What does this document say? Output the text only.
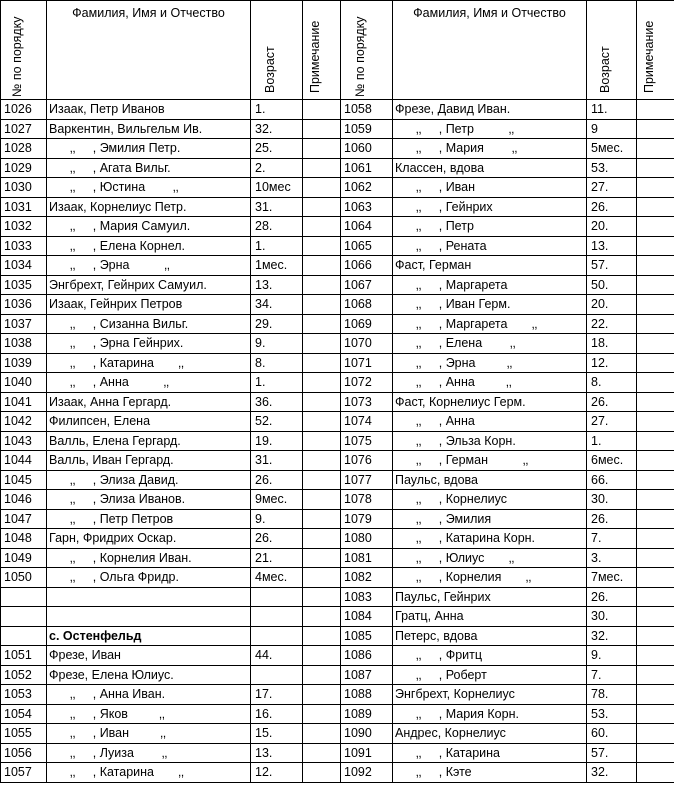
№ по порядку	Фамилия, Имя и Отчество	Возраст	Примечание	№ по порядку	Фамилия, Имя и Отчество	Возраст	Примечание

1026	Изаак, Петр Иванов	1.		1058	Фрезе, Давид Иван.	11.	
1027	Варкентин, Вильгельм Ив.	32.		1059	‚‚     , Петр          ‚‚	9	
1028	‚‚     , Эмилия Петр.	25.		1060	‚‚     , Мария        ‚‚	5мес.	
1029	‚‚     , Агата Вильг.	2.		1061	Классен, вдова	53.	
1030	‚‚     , Юстина        ‚‚	10мес		1062	‚‚     , Иван	27.	
1031	Изаак, Корнелиус Петр.	31.		1063	‚‚     , Гейнрих	26.	
1032	‚‚     , Мария Самуил.	28.		1064	‚‚     , Петр	20.	
1033	‚‚     , Елена Корнел.	1.		1065	‚‚     , Рената	13.	
1034	‚‚     , Эрна          ‚‚	1мес.		1066	Фаст, Герман	57.	
1035	Энгбрехт, Гейнрих Самуил.	13.		1067	‚‚     , Маргарета	50.	
1036	Изаак, Гейнрих Петров	34.		1068	‚‚     , Иван Герм.	20.	
1037	‚‚     , Сизанна Вильг.	29.		1069	‚‚     , Маргарета       ‚‚	22.	
1038	‚‚     , Эрна Гейнрих.	9.		1070	‚‚     , Елена        ‚‚	18.	
1039	‚‚     , Катарина       ‚‚	8.		1071	‚‚     , Эрна         ‚‚	12.	
1040	‚‚     , Анна          ‚‚	1.		1072	‚‚     , Анна         ‚‚	8.	
1041	Изаак, Анна Гергард.	36.		1073	Фаст, Корнелиус Герм.	26.	
1042	Филипсен, Елена	52.		1074	‚‚     , Анна	27.	
1043	Валль, Елена Гергард.	19.		1075	‚‚     , Эльза Корн.	1.	
1044	Валль, Иван Гергард.	31.		1076	‚‚     , Герман          ‚‚	6мес.	
1045	‚‚     , Элиза Давид.	26.		1077	Паульс, вдова	66.	
1046	‚‚     , Элиза Иванов.	9мес.		1078	‚‚     , Корнелиус	30.	
1047	‚‚     , Петр Петров	9.		1079	‚‚     , Эмилия	26.	
1048	Гарн, Фридрих Оскар.	26.		1080	‚‚     , Катарина Корн.	7.	
1049	‚‚     , Корнелия Иван.	21.		1081	‚‚     , Юлиус       ‚‚	3.	
1050	‚‚     , Ольга Фридр.	4мес.		1082	‚‚     , Корнелия       ‚‚	7мес.	
				1083	Паульс, Гейнрих	26.	
				1084	Гратц, Анна	30.	
	с. Остенфельд			1085	Петерс, вдова	32.	
1051	Фрезе, Иван	44.		1086	‚‚     , Фритц	9.	
1052	Фрезе, Елена Юлиус.			1087	‚‚     , Роберт	7.	
1053	‚‚     , Анна Иван.	17.		1088	Энгбрехт, Корнелиус	78.	
1054	‚‚     , Яков         ‚‚	16.		1089	‚‚     , Мария Корн.	53.	
1055	‚‚     , Иван         ‚‚	15.		1090	Андрес, Корнелиус	60.	
1056	‚‚     , Луиза        ‚‚	13.		1091	‚‚     , Катарина	57.	
1057	‚‚     , Катарина       ‚‚	12.		1092	‚‚     , Кэте	32.	
